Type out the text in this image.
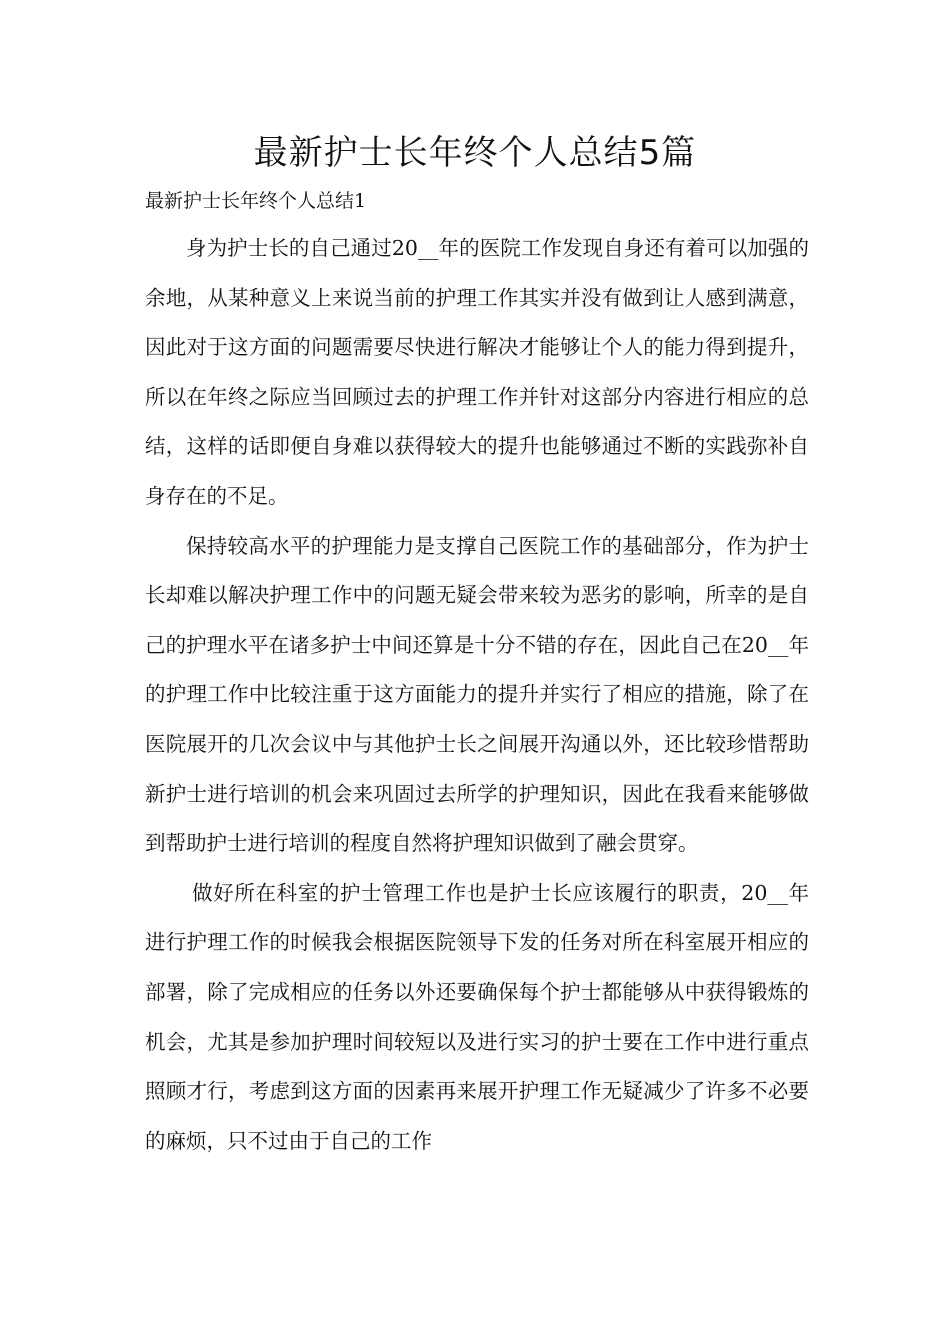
最新护士长年终个人总结5篇

最新护士长年终个人总结1

身为护士长的自己通过20__年的医院工作发现自身还有着可以加强的余地，从某种意义上来说当前的护理工作其实并没有做到让人感到满意，因此对于这方面的问题需要尽快进行解决才能够让个人的能力得到提升，所以在年终之际应当回顾过去的护理工作并针对这部分内容进行相应的总结，这样的话即便自身难以获得较大的提升也能够通过不断的实践弥补自身存在的不足。

保持较高水平的护理能力是支撑自己医院工作的基础部分，作为护士长却难以解决护理工作中的问题无疑会带来较为恶劣的影响，所幸的是自己的护理水平在诸多护士中间还算是十分不错的存在，因此自己在20__年的护理工作中比较注重于这方面能力的提升并实行了相应的措施，除了在医院展开的几次会议中与其他护士长之间展开沟通以外，还比较珍惜帮助新护士进行培训的机会来巩固过去所学的护理知识，因此在我看来能够做到帮助护士进行培训的程度自然将护理知识做到了融会贯穿。

做好所在科室的护士管理工作也是护士长应该履行的职责，20__年进行护理工作的时候我会根据医院领导下发的任务对所在科室展开相应的部署，除了完成相应的任务以外还要确保每个护士都能够从中获得锻炼的机会，尤其是参加护理时间较短以及进行实习的护士要在工作中进行重点照顾才行，考虑到这方面的因素再来展开护理工作无疑减少了许多不必要的麻烦，只不过由于自己的工作
